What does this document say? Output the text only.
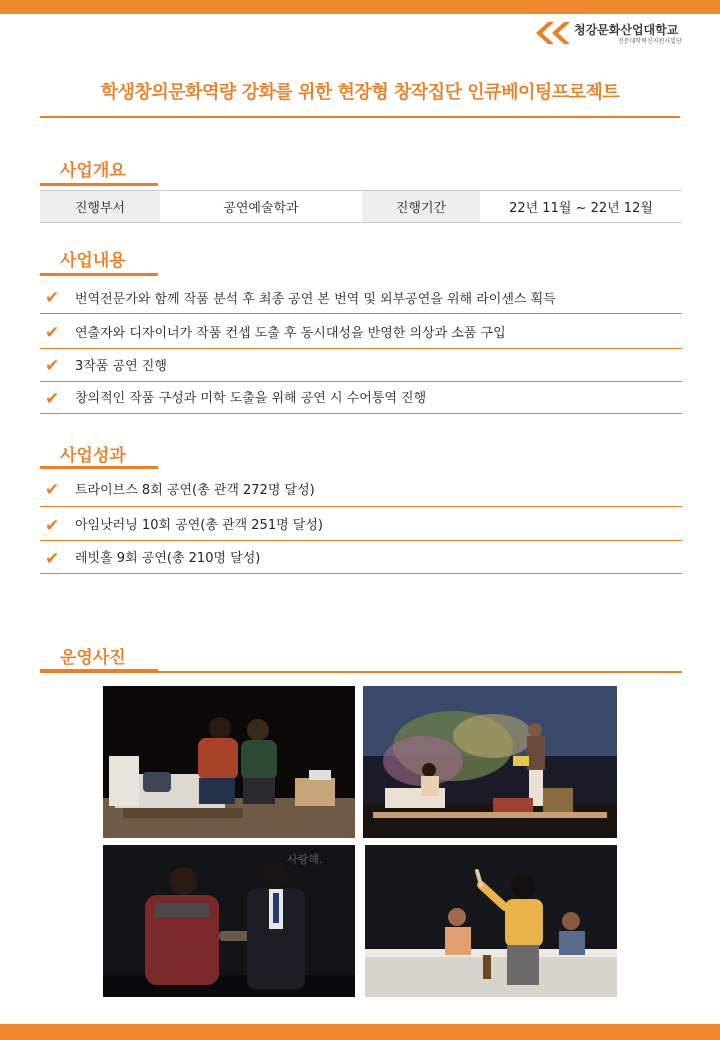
청강문화산업대학교
전문대학혁신지원사업단
학생창의문화역량 강화를 위한 현장형 창작집단 인큐베이팅프로젝트
사업개요
진행부서	공연예술학과	진행기간	22년 11월 ~ 22년 12월
사업내용
✔ 번역전문가와 함께 작품 분석 후 최종 공연 본 번역 및 외부공연을 위해 라이센스 획득
✔ 연출자와 디자이너가 작품 컨셉 도출 후 동시대성을 반영한 의상과 소품 구입
✔ 3작품 공연 진행
✔ 창의적인 작품 구성과 미학 도출을 위해 공연 시 수어통역 진행
사업성과
✔ 트라이브스 8회 공연(총 관객 272명 달성)
✔ 아임낫러닝 10회 공연(총 관객 251명 달성)
✔ 레빗홀 9회 공연(총 210명 달성)
운영사진
사랑해.
